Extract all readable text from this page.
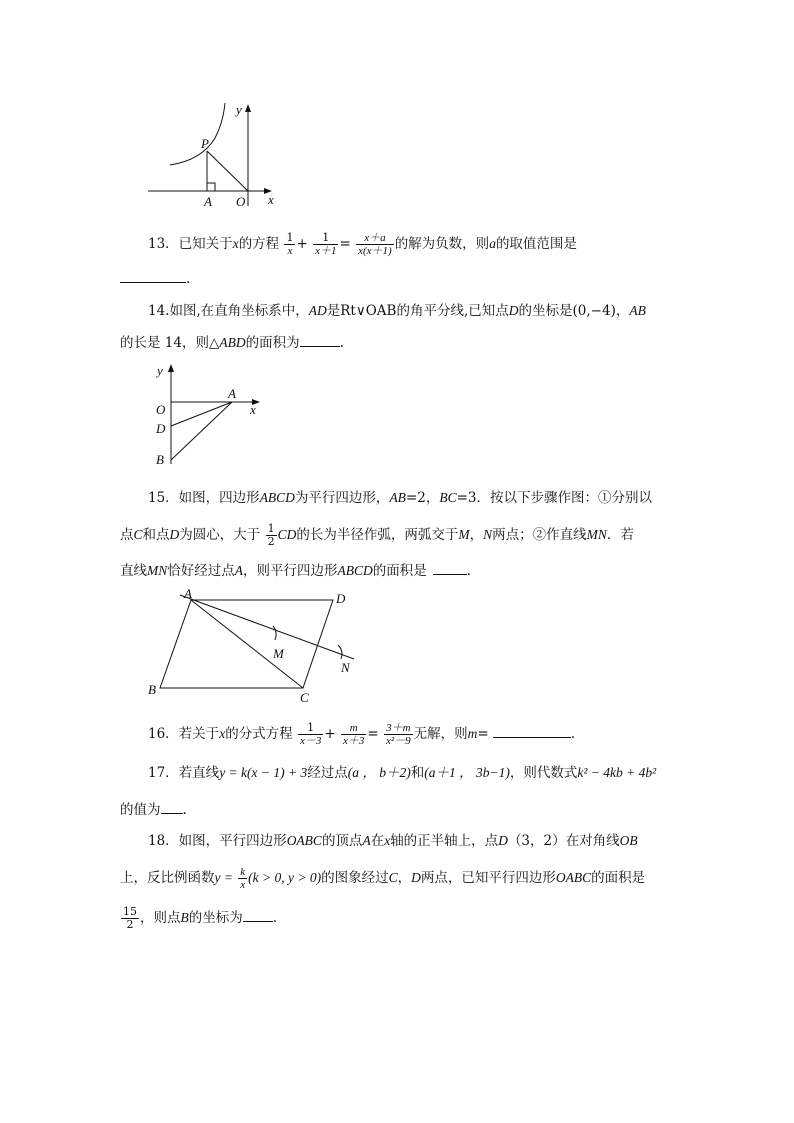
y
x
P
A O
13．已知关于x的方程 $\frac{1}{x} + \frac{1}{x+1} = \frac{x+a}{x(x+1)}$ 的解为负数，则a的取值范围是
.
14.如图,在直角坐标系中，AD是Rt∨OAB的角平分线,已知点D的坐标是(0,−4)，AB
的长是 14，则△ABD的面积为	.
y
x
A
O
D
B
15．如图，四边形ABCD为平行四边形，AB=2，BC=3．按以下步骤作图：①分别以
点C和点D为圆心，大于 $\frac{1}{2}$ CD的长为半径作弧，两弧交于M，N两点；②作直线MN．若
直线MN恰好经过点A，则平行四边形ABCD的面积是	．
A	D
B
C
M
N
16．若关于x的分式方程 $\frac{1}{x-3} + \frac{m}{x+3} = \frac{3+m}{\text{x²－9}}$ 无解，则m=	.
17．若直线y = k(x − 1) + 3经过点(a ， b＋2)和(a＋1 ， 3b−1)，则代数式k² − 4kb + 4b²
的值为 .
18．如图，平行四边形OABC的顶点A在x轴的正半轴上，点D（3，2）在对角线OB
上，反比例函数$y = \frac{k}{x} (k > 0$, y > 0)的图象经过C，D两点，已知平行四边形OABC的面积是
$\frac{15}{2}$ ，则点B的坐标为 .
